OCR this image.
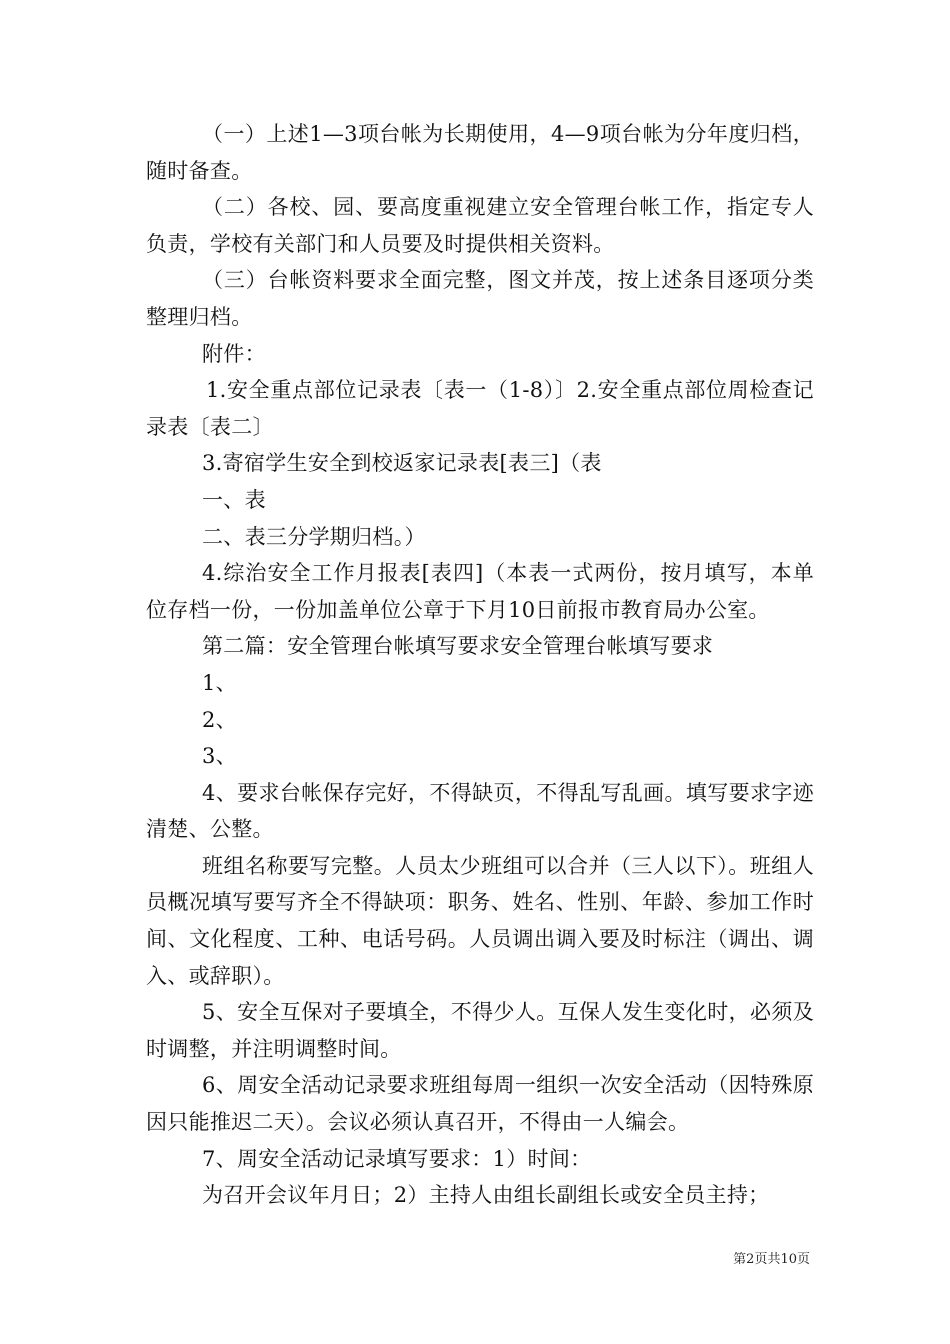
（一）上述1—3项台帐为长期使用，4—9项台帐为分年度归档，随时备查。

（二）各校、园、要高度重视建立安全管理台帐工作，指定专人负责，学校有关部门和人员要及时提供相关资料。

（三）台帐资料要求全面完整，图文并茂，按上述条目逐项分类整理归档。

附件：

1.安全重点部位记录表〔表一（1-8）〕2.安全重点部位周检查记录表〔表二〕

3.寄宿学生安全到校返家记录表[表三]（表

一、表

二、表三分学期归档。）

4.综治安全工作月报表[表四]（本表一式两份，按月填写，本单位存档一份，一份加盖单位公章于下月10日前报市教育局办公室。

第二篇：安全管理台帐填写要求安全管理台帐填写要求

1、

2、

3、

4、要求台帐保存完好，不得缺页，不得乱写乱画。填写要求字迹清楚、公整。

班组名称要写完整。人员太少班组可以合并（三人以下）。班组人员概况填写要写齐全不得缺项：职务、姓名、性别、年龄、参加工作时间、文化程度、工种、电话号码。人员调出调入要及时标注（调出、调入、或辞职）。

5、安全互保对子要填全，不得少人。互保人发生变化时，必须及时调整，并注明调整时间。

6、周安全活动记录要求班组每周一组织一次安全活动（因特殊原因只能推迟二天）。会议必须认真召开，不得由一人编会。

7、周安全活动记录填写要求：1）时间：

为召开会议年月日；2）主持人由组长副组长或安全员主持；

第2页共10页
